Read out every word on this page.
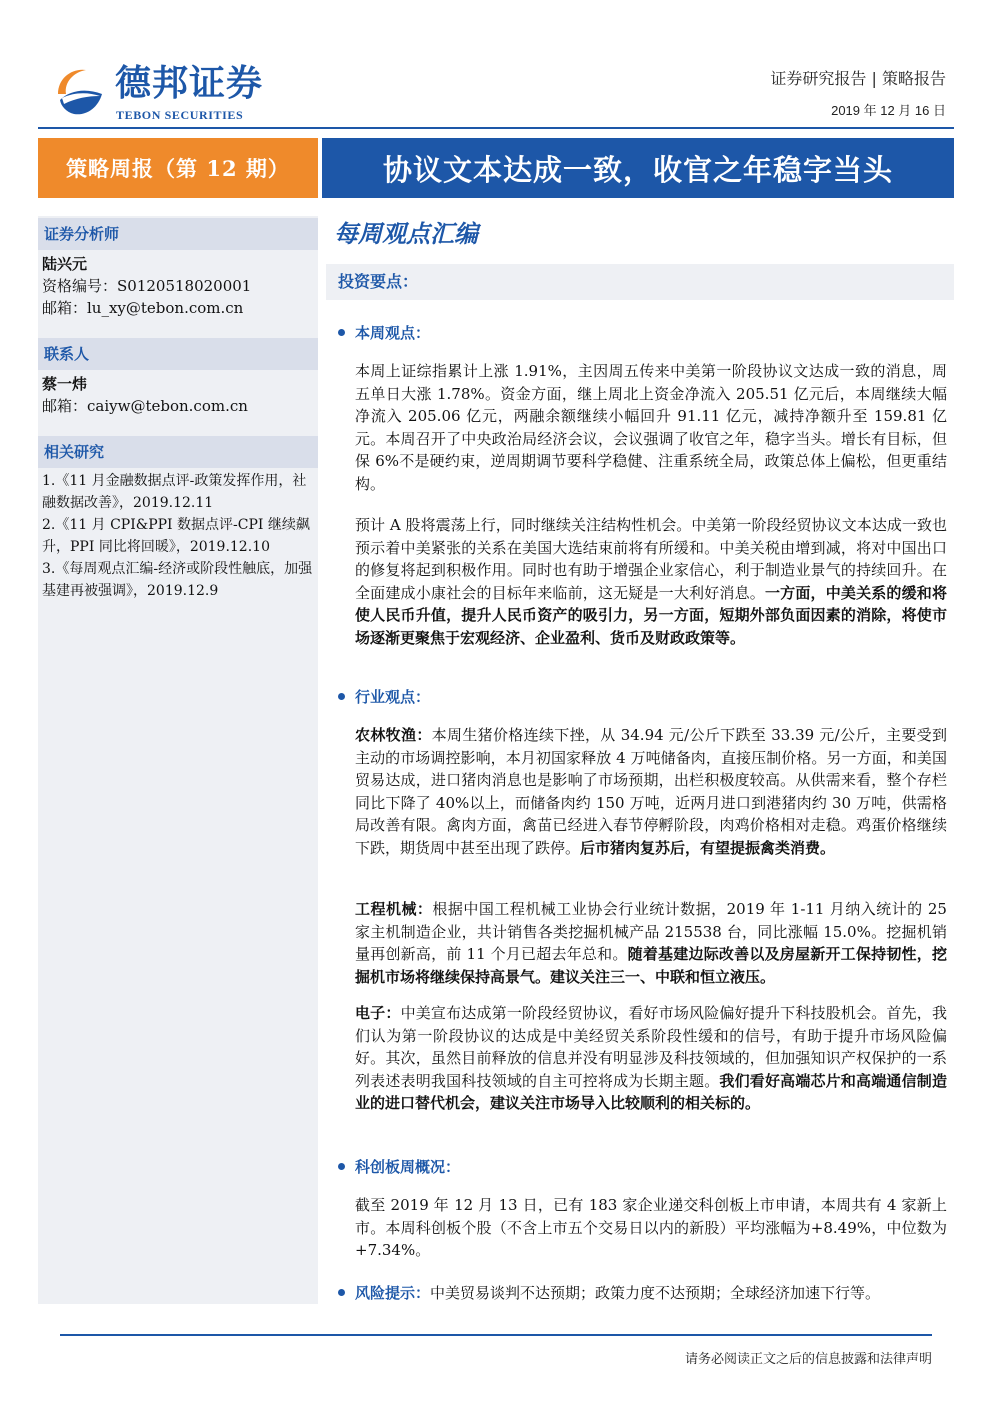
德邦证券
TEBON SECURITIES
证券研究报告 | 策略报告
2019 年 12 月 16 日
策略周报（第 12 期）	协议文本达成一致，收官之年稳字当头
证券分析师
陆兴元
资格编号：S0120518020001
邮箱：lu_xy@tebon.com.cn
联系人
蔡一炜
邮箱：caiyw@tebon.com.cn
相关研究
1.《11 月金融数据点评-政策发挥作用，社融数据改善》，2019.12.11
2.《11 月 CPI&PPI 数据点评-CPI 继续飙升，PPI 同比将回暖》，2019.12.10
3.《每周观点汇编-经济或阶段性触底，加强基建再被强调》，2019.12.9
每周观点汇编
投资要点：
本周观点：

本周上证综指累计上涨 1.91%，主因周五传来中美第一阶段协议文达成一致的消息，周五单日大涨 1.78%。资金方面，继上周北上资金净流入 205.51 亿元后，本周继续大幅净流入 205.06 亿元，两融余额继续小幅回升 91.11 亿元，减持净额升至 159.81 亿元。本周召开了中央政治局经济会议，会议强调了收官之年，稳字当头。增长有目标，但保 6%不是硬约束，逆周期调节要科学稳健、注重系统全局，政策总体上偏松，但更重结构。

预计 A 股将震荡上行，同时继续关注结构性机会。中美第一阶段经贸协议文本达成一致也预示着中美紧张的关系在美国大选结束前将有所缓和。中美关税由增到减，将对中国出口的修复将起到积极作用。同时也有助于增强企业家信心，利于制造业景气的持续回升。在全面建成小康社会的目标年来临前，这无疑是一大利好消息。一方面，中美关系的缓和将使人民币升值，提升人民币资产的吸引力，另一方面，短期外部负面因素的消除，将使市场逐渐更聚焦于宏观经济、企业盈利、货币及财政政策等。

行业观点：

农林牧渔：本周生猪价格连续下挫，从 34.94 元/公斤下跌至 33.39 元/公斤，主要受到主动的市场调控影响，本月初国家释放 4 万吨储备肉，直接压制价格。另一方面，和美国贸易达成，进口猪肉消息也是影响了市场预期，出栏积极度较高。从供需来看，整个存栏同比下降了 40%以上，而储备肉约 150 万吨，近两月进口到港猪肉约 30 万吨，供需格局改善有限。禽肉方面，禽苗已经进入春节停孵阶段，肉鸡价格相对走稳。鸡蛋价格继续下跌，期货周中甚至出现了跌停。后市猪肉复苏后，有望提振禽类消费。

工程机械：根据中国工程机械工业协会行业统计数据，2019 年 1-11 月纳入统计的 25 家主机制造企业，共计销售各类挖掘机械产品 215538 台，同比涨幅 15.0%。挖掘机销量再创新高，前 11 个月已超去年总和。随着基建边际改善以及房屋新开工保持韧性，挖掘机市场将继续保持高景气。建议关注三一、中联和恒立液压。

电子：中美宣布达成第一阶段经贸协议，看好市场风险偏好提升下科技股机会。首先，我们认为第一阶段协议的达成是中美经贸关系阶段性缓和的信号，有助于提升市场风险偏好。其次，虽然目前释放的信息并没有明显涉及科技领域的，但加强知识产权保护的一系列表述表明我国科技领域的自主可控将成为长期主题。我们看好高端芯片和高端通信制造业的进口替代机会，建议关注市场导入比较顺利的相关标的。

科创板周概况：

截至 2019 年 12 月 13 日，已有 183 家企业递交科创板上市申请，本周共有 4 家新上市。本周科创板个股（不含上市五个交易日以内的新股）平均涨幅为+8.49%，中位数为+7.34%。

风险提示： 中美贸易谈判不达预期；政策力度不达预期；全球经济加速下行等。
请务必阅读正文之后的信息披露和法律声明
